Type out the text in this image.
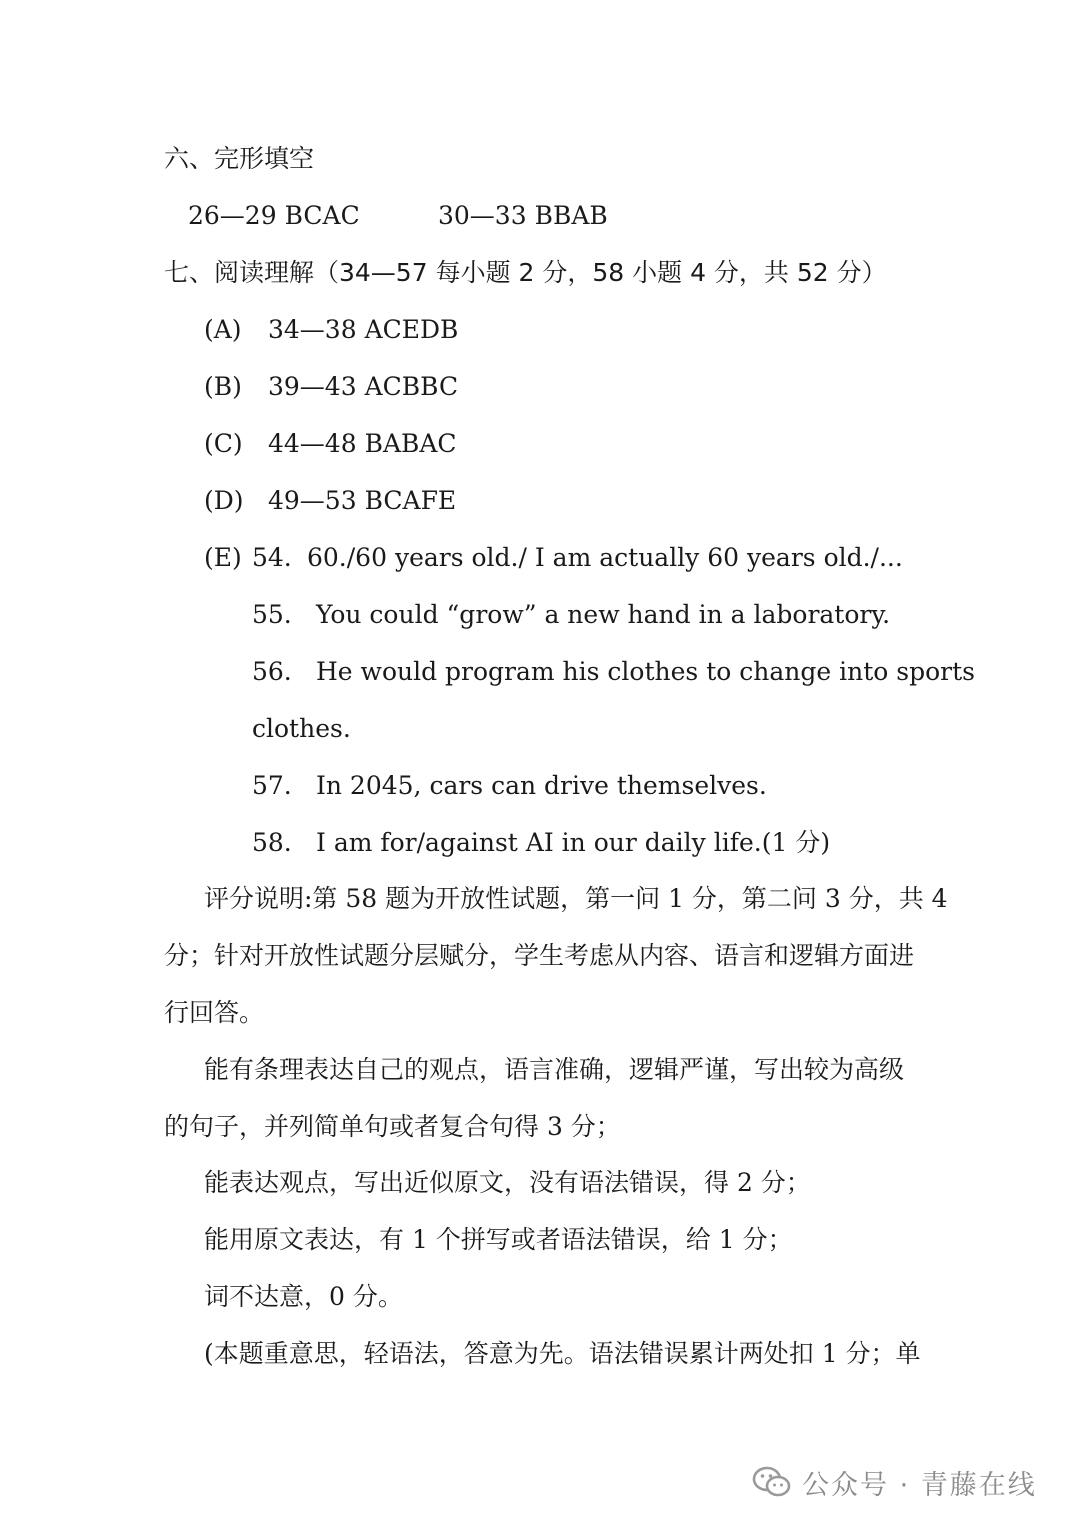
六、完形填空
26—29 BCAC	30—33 BBAB
七、阅读理解（34—57 每小题 2 分，58 小题 4 分，共 52 分）
(A) 34—38 ACEDB
(B) 39—43 ACBBC
(C) 44—48 BABAC
(D) 49—53 BCAFE
(E) 54. 60./60 years old./ I am actually 60 years old./...
55. You could “grow” a new hand in a laboratory.
56. He would program his clothes to change into sports
clothes.
57. In 2045, cars can drive themselves.
58. I am for/against AI in our daily life.(1 分)
评分说明:第 58 题为开放性试题，第一问 1 分，第二问 3 分，共 4
分；针对开放性试题分层赋分，学生考虑从内容、语言和逻辑方面进
行回答。
能有条理表达自己的观点，语言准确，逻辑严谨，写出较为高级
的句子，并列简单句或者复合句得 3 分；
能表达观点，写出近似原文，没有语法错误，得 2 分；
能用原文表达，有 1 个拼写或者语法错误，给 1 分；
词不达意，0 分。
(本题重意思，轻语法，答意为先。语法错误累计两处扣 1 分；单
公众号 · 青藤在线
